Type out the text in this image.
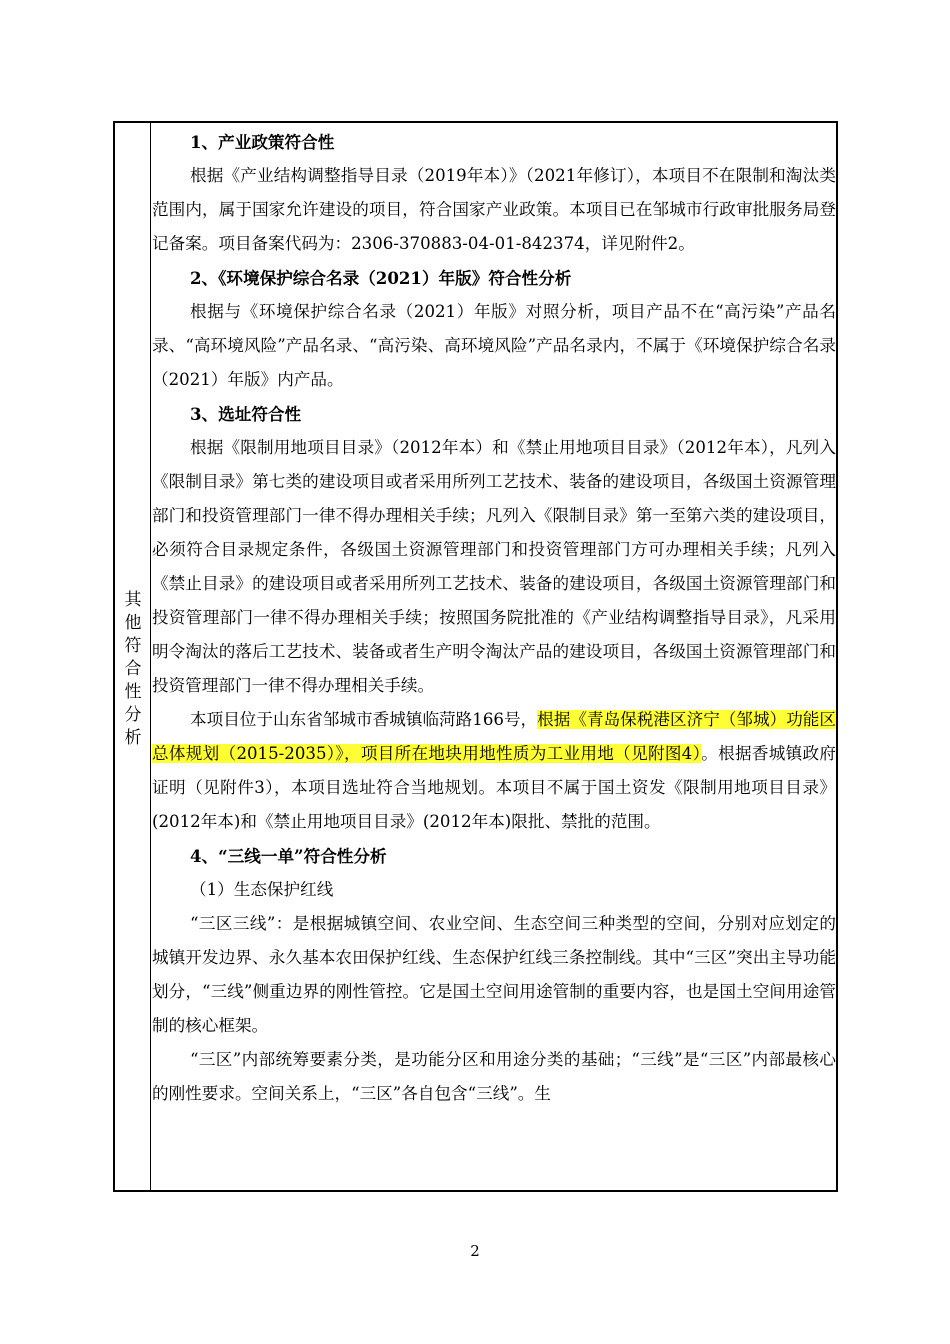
其
他
符
合
性
分
析

1、产业政策符合性

根据《产业结构调整指导目录（2019年本）》（2021年修订），本项目不在限制和淘汰类范围内，属于国家允许建设的项目，符合国家产业政策。本项目已在邹城市行政审批服务局登记备案。项目备案代码为：2306-370883-04-01-842374，详见附件2。

2、《环境保护综合名录（2021）年版》符合性分析

根据与《环境保护综合名录（2021）年版》对照分析，项目产品不在“高污染”产品名录、“高环境风险”产品名录、“高污染、高环境风险”产品名录内，不属于《环境保护综合名录（2021）年版》内产品。

3、选址符合性

根据《限制用地项目目录》（2012年本）和《禁止用地项目目录》（2012年本），凡列入《限制目录》第七类的建设项目或者采用所列工艺技术、装备的建设项目，各级国土资源管理部门和投资管理部门一律不得办理相关手续；凡列入《限制目录》第一至第六类的建设项目，必须符合目录规定条件，各级国土资源管理部门和投资管理部门方可办理相关手续；凡列入《禁止目录》的建设项目或者采用所列工艺技术、装备的建设项目，各级国土资源管理部门和投资管理部门一律不得办理相关手续；按照国务院批准的《产业结构调整指导目录》，凡采用明令淘汰的落后工艺技术、装备或者生产明令淘汰产品的建设项目，各级国土资源管理部门和投资管理部门一律不得办理相关手续。

本项目位于山东省邹城市香城镇临菏路166号，根据《青岛保税港区济宁（邹城）功能区总体规划（2015-2035）》，项目所在地块用地性质为工业用地（见附图4）。根据香城镇政府证明（见附件3），本项目选址符合当地规划。本项目不属于国土资发《限制用地项目目录》(2012年本)和《禁止用地项目目录》(2012年本)限批、禁批的范围。

4、“三线一单”符合性分析

（1）生态保护红线

“三区三线”：是根据城镇空间、农业空间、生态空间三种类型的空间，分别对应划定的城镇开发边界、永久基本农田保护红线、生态保护红线三条控制线。其中“三区”突出主导功能划分，“三线”侧重边界的刚性管控。它是国土空间用途管制的重要内容，也是国土空间用途管制的核心框架。

“三区”内部统筹要素分类，是功能分区和用途分类的基础；“三线”是“三区”内部最核心的刚性要求。空间关系上，“三区”各自包含“三线”。生

2
